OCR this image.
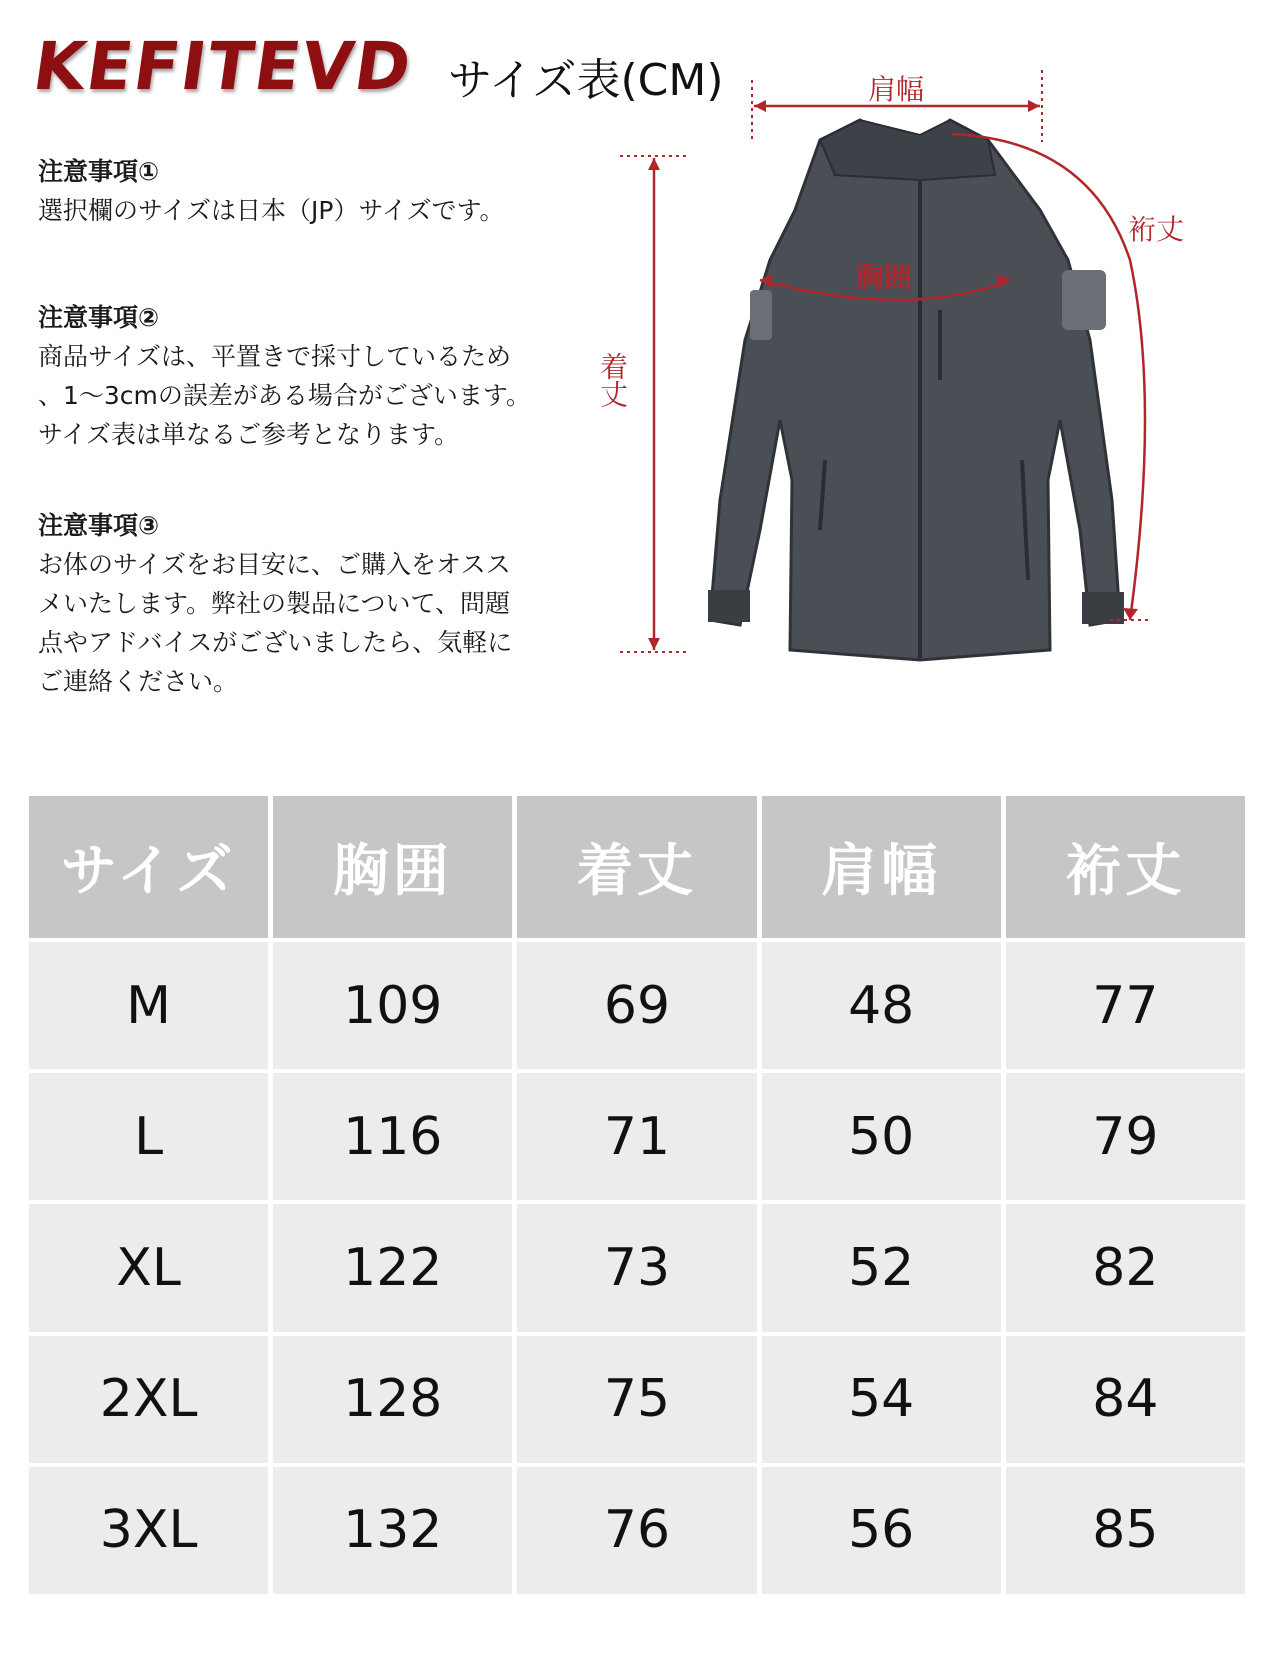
KEFITEVD サイズ表(CM)

注意事項①

選択欄のサイズは日本（JP）サイズです。

注意事項②

商品サイズは、平置きで採寸しているため

、1〜3cmの誤差がある場合がございます。

サイズ表は単なるご参考となります。

注意事項③

お体のサイズをお目安に、ご購入をオスス

メいたします。弊社の製品について、問題

点やアドバイスがございましたら、気軽に

ご連絡ください。

肩幅
裄丈
胸囲
着丈
サイズ	胸囲	着丈	肩幅	裄丈
M	109	69	48	77
L	116	71	50	79
XL	122	73	52	82
2XL	128	75	54	84
3XL	132	76	56	85
